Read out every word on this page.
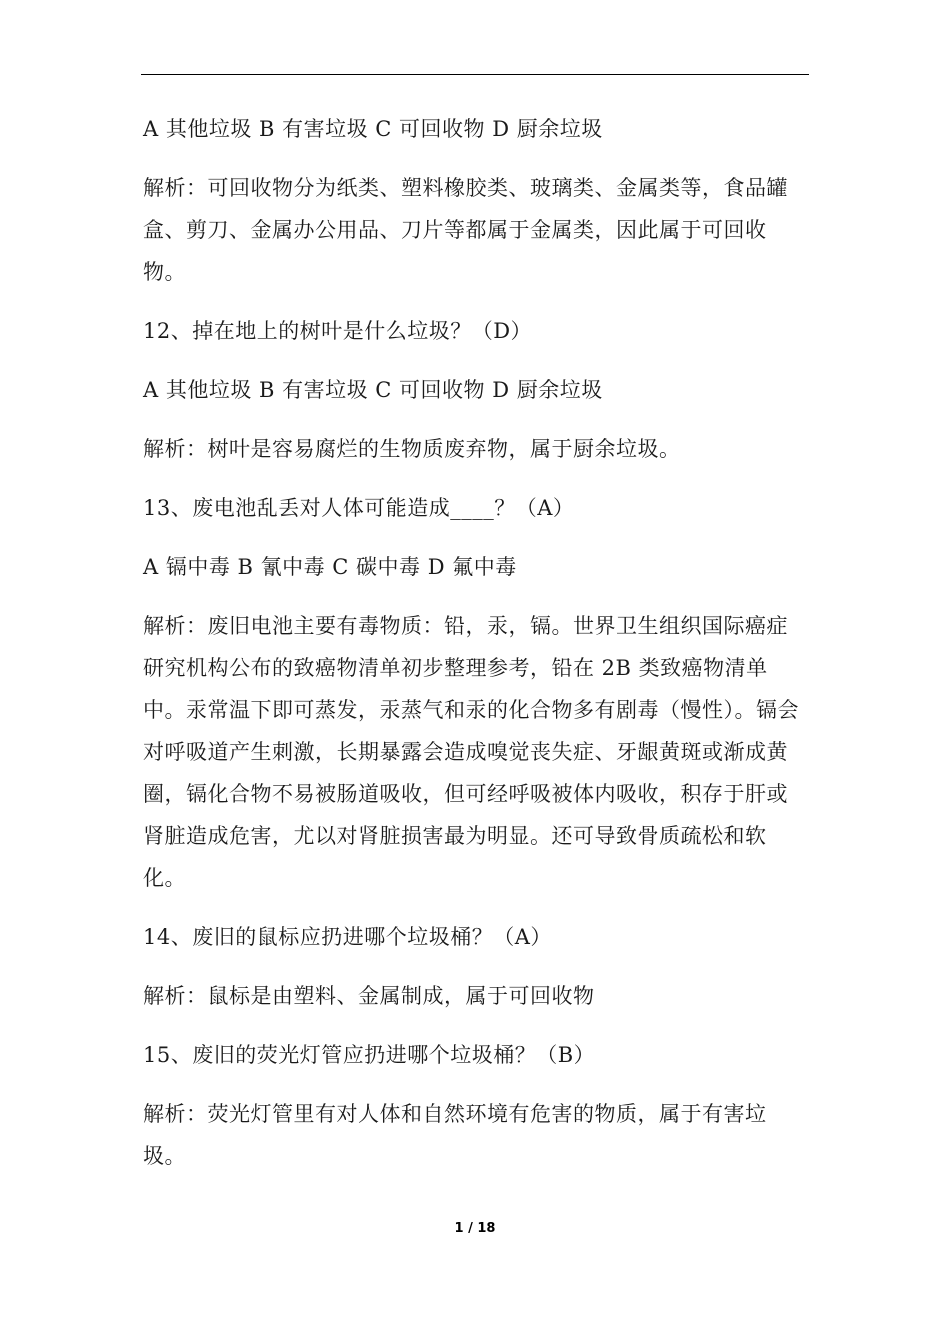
A 其他垃圾 B 有害垃圾 C 可回收物 D 厨余垃圾

解析：可回收物分为纸类、塑料橡胶类、玻璃类、金属类等，食品罐盒、剪刀、金属办公用品、刀片等都属于金属类，因此属于可回收物。

12、掉在地上的树叶是什么垃圾？（D）

A 其他垃圾 B 有害垃圾 C 可回收物 D 厨余垃圾

解析：树叶是容易腐烂的生物质废弃物，属于厨余垃圾。

13、废电池乱丢对人体可能造成____？（A）

A 镉中毒 B 氰中毒 C 碳中毒 D 氟中毒

解析：废旧电池主要有毒物质：铅，汞，镉。世界卫生组织国际癌症研究机构公布的致癌物清单初步整理参考，铅在 2B 类致癌物清单中。汞常温下即可蒸发，汞蒸气和汞的化合物多有剧毒（慢性）。镉会对呼吸道产生刺激，长期暴露会造成嗅觉丧失症、牙龈黄斑或渐成黄圈，镉化合物不易被肠道吸收，但可经呼吸被体内吸收，积存于肝或肾脏造成危害，尤以对肾脏损害最为明显。还可导致骨质疏松和软化。

14、废旧的鼠标应扔进哪个垃圾桶？（A）

解析：鼠标是由塑料、金属制成，属于可回收物

15、废旧的荧光灯管应扔进哪个垃圾桶？（B）

解析：荧光灯管里有对人体和自然环境有危害的物质，属于有害垃圾。

1 / 18
